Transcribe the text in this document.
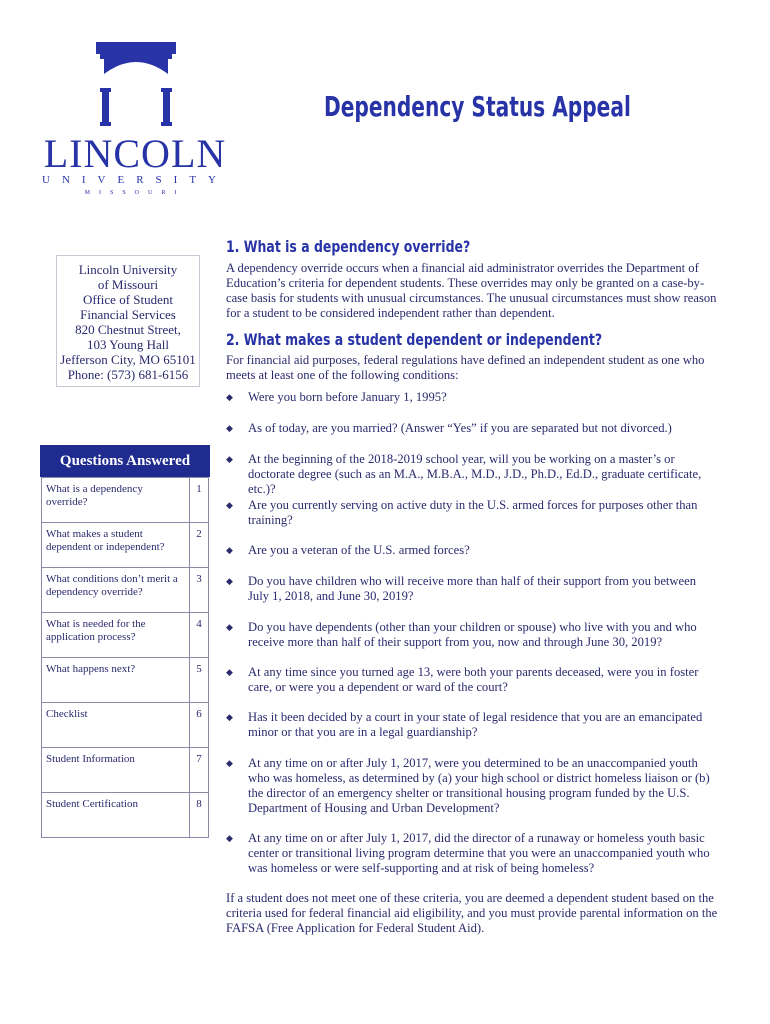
LINCOLN
UNIVERSITY
MISSOURI
Dependency Status Appeal
Lincoln University
of Missouri
Office of Student
Financial Services
820 Chestnut Street,
103 Young Hall
Jefferson City, MO 65101
Phone: (573) 681-6156
Questions Answered
What is a dependency override?	1
What makes a student dependent or independent?	2
What conditions don’t merit a dependency override?	3
What is needed for the application process?	4
What happens next?	5
Checklist	6
Student Information	7
Student Certification	8
1. What is a dependency override?

A dependency override occurs when a financial aid administrator overrides the Department of Education’s criteria for dependent students. These overrides may only be granted on a case-by-case basis for students with unusual circumstances. The unusual circumstances must show reason for a student to be considered independent rather than dependent.

2. What makes a student dependent or independent?

For financial aid purposes, federal regulations have defined an independent student as one who meets at least one of the following conditions:

◆	Were you born before January 1, 1995?
◆	As of today, are you married? (Answer “Yes” if you are separated but not divorced.)
◆	At the beginning of the 2018-2019 school year, will you be working on a master’s or doctorate degree (such as an M.A., M.B.A., M.D., J.D., Ph.D., Ed.D., graduate certificate, etc.)?
◆	Are you currently serving on active duty in the U.S. armed forces for purposes other than training?
◆	Are you a veteran of the U.S. armed forces?
◆	Do you have children who will receive more than half of their support from you between July 1, 2018, and June 30, 2019?
◆	Do you have dependents (other than your children or spouse) who live with you and who receive more than half of their support from you, now and through June 30, 2019?
◆	At any time since you turned age 13, were both your parents deceased, were you in foster care, or were you a dependent or ward of the court?
◆	Has it been decided by a court in your state of legal residence that you are an emancipated minor or that you are in a legal guardianship?
◆	At any time on or after July 1, 2017, were you determined to be an unaccompanied youth who was homeless, as determined by (a) your high school or district homeless liaison or (b) the director of an emergency shelter or transitional housing program funded by the U.S. Department of Housing and Urban Development?
◆	At any time on or after July 1, 2017, did the director of a runaway or homeless youth basic center or transitional living program determine that you were an unaccompanied youth who was homeless or were self-supporting and at risk of being homeless?

If a student does not meet one of these criteria, you are deemed a dependent student based on the criteria used for federal financial aid eligibility, and you must provide parental information on the FAFSA (Free Application for Federal Student Aid).
